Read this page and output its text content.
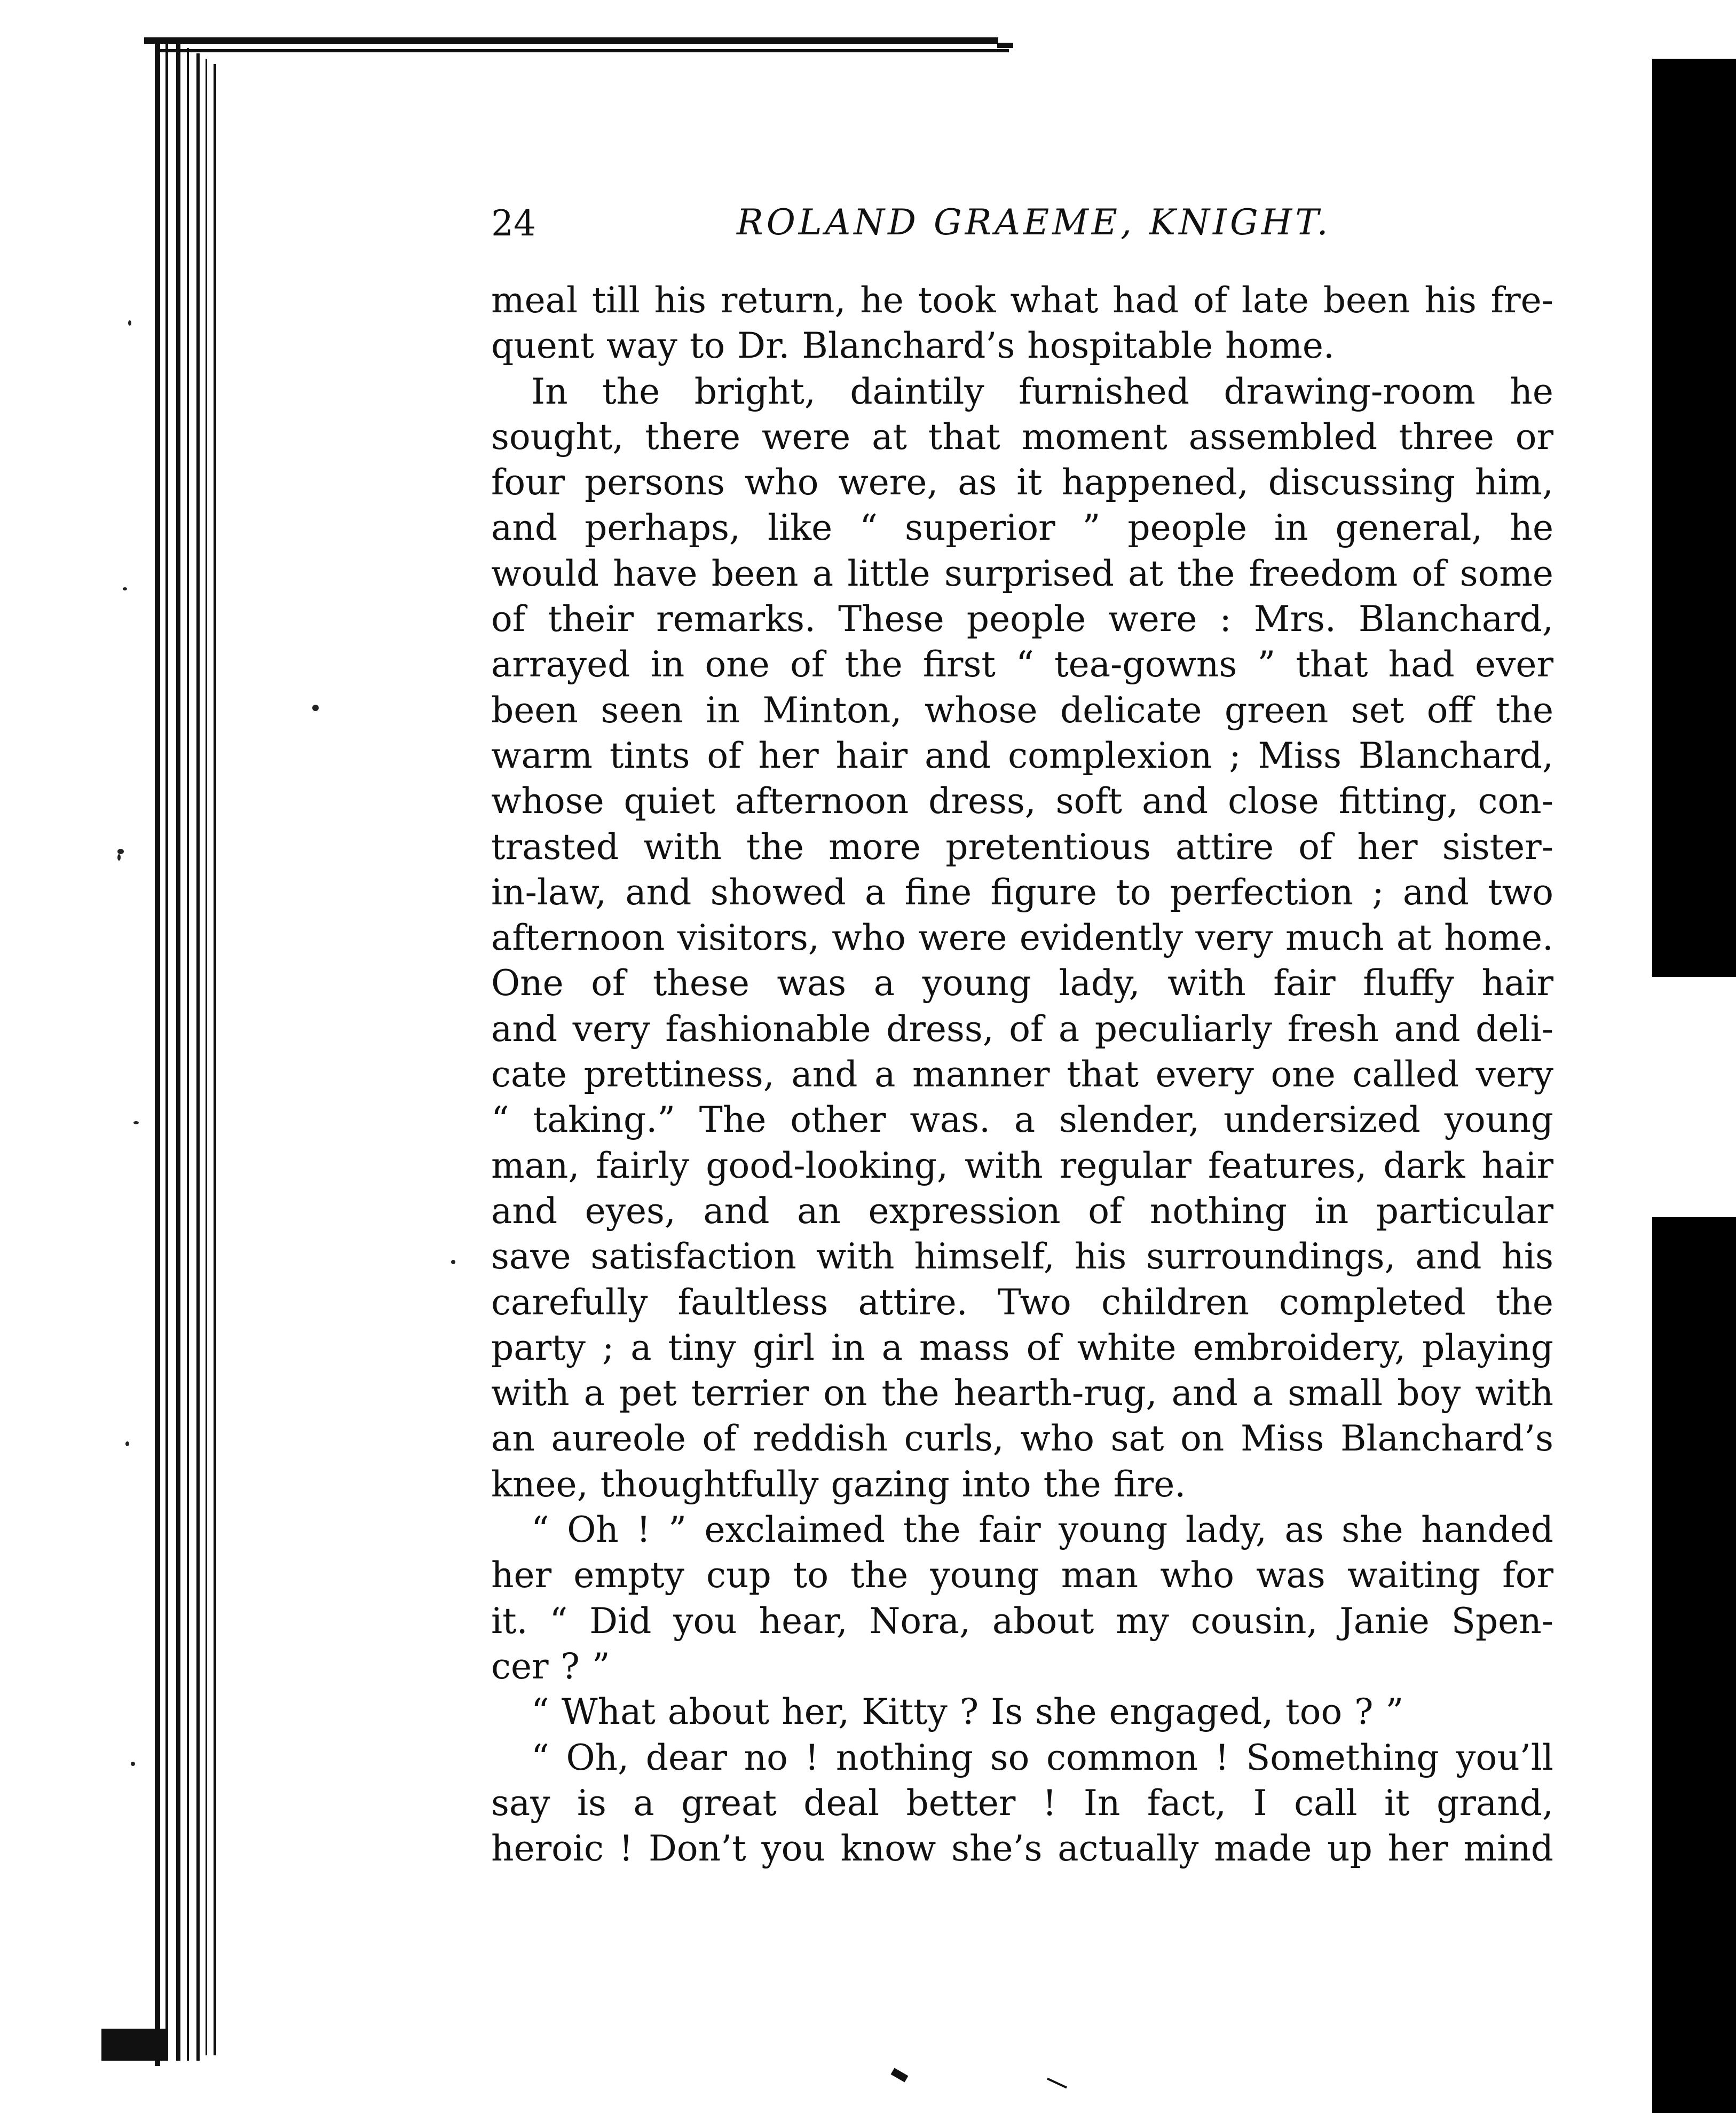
24	ROLAND GRAEME, KNIGHT.
meal till his return, he took what had of late been his fre-
quent way to Dr. Blanchard’s hospitable home.
In the bright, daintily furnished drawing-room he
sought, there were at that moment assembled three or
four persons who were, as it happened, discussing him,
and perhaps, like “ superior ” people in general, he
would have been a little surprised at the freedom of some
of their remarks. These people were : Mrs. Blanchard,
arrayed in one of the first “ tea-gowns ” that had ever
been seen in Minton, whose delicate green set off the
warm tints of her hair and complexion ; Miss Blanchard,
whose quiet afternoon dress, soft and close fitting, con-
trasted with the more pretentious attire of her sister-
in-law, and showed a fine figure to perfection ; and two
afternoon visitors, who were evidently very much at home.
One of these was a young lady, with fair fluffy hair
and very fashionable dress, of a peculiarly fresh and deli-
cate prettiness, and a manner that every one called very
“ taking.” The other was. a slender, undersized young
man, fairly good-looking, with regular features, dark hair
and eyes, and an expression of nothing in particular
save satisfaction with himself, his surroundings, and his
carefully faultless attire. Two children completed the
party ; a tiny girl in a mass of white embroidery, playing
with a pet terrier on the hearth-rug, and a small boy with
an aureole of reddish curls, who sat on Miss Blanchard’s
knee, thoughtfully gazing into the fire.
“ Oh ! ” exclaimed the fair young lady, as she handed
her empty cup to the young man who was waiting for
it. “ Did you hear, Nora, about my cousin, Janie Spen-
cer ? ”
“ What about her, Kitty ? Is she engaged, too ? ”
“ Oh, dear no ! nothing so common ! Something you’ll
say is a great deal better ! In fact, I call it grand,
heroic ! Don’t you know she’s actually made up her mind
